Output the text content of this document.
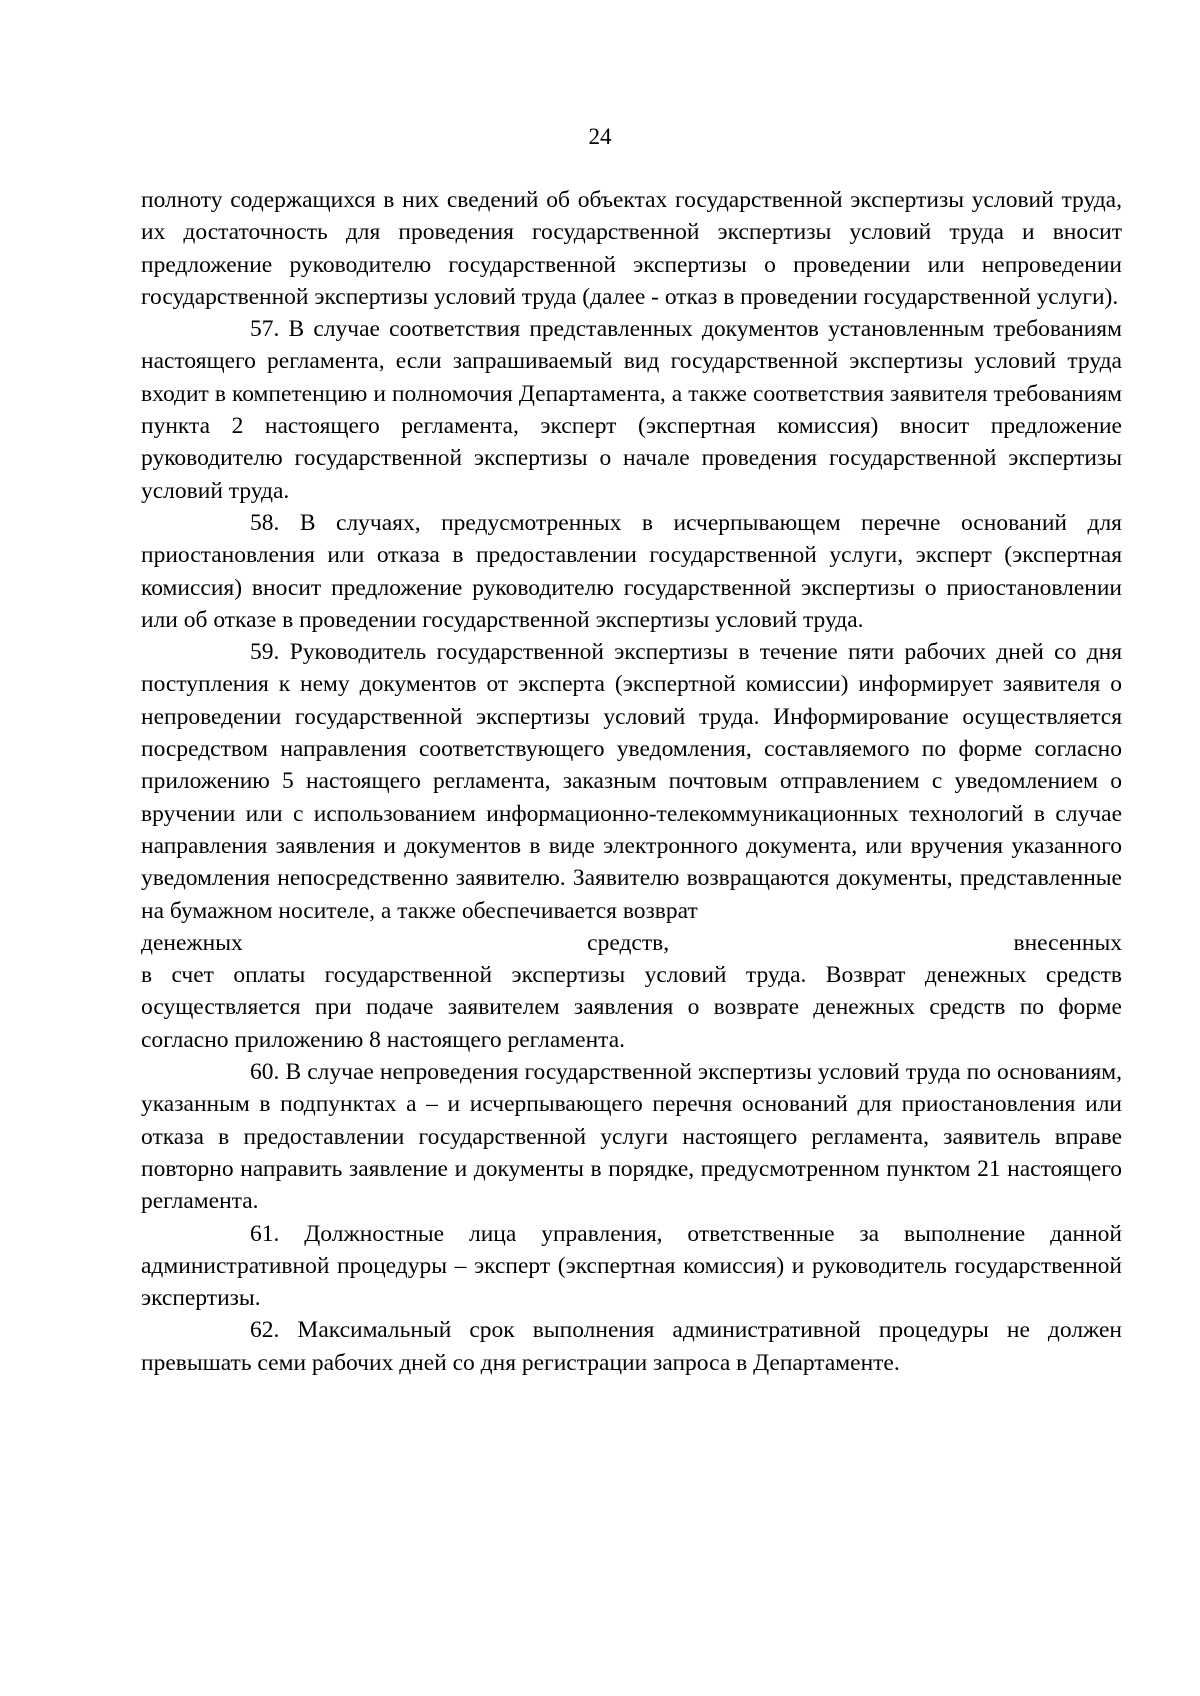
24

полноту содержащихся в них сведений об объектах государственной экспертизы условий труда, их достаточность для проведения государственной экспертизы условий труда и вносит предложение руководителю государственной экспертизы о проведении или непроведении государственной экспертизы условий труда (далее - отказ в проведении государственной услуги).

57. В случае соответствия представленных документов установленным требованиям настоящего регламента, если запрашиваемый вид государственной экспертизы условий труда входит в компетенцию и полномочия Департамента, а также соответствия заявителя требованиям пункта 2 настоящего регламента, эксперт (экспертная комиссия) вносит предложение руководителю государственной экспертизы о начале проведения государственной экспертизы условий труда.

58. В случаях, предусмотренных в исчерпывающем перечне оснований для приостановления или отказа в предоставлении государственной услуги, эксперт (экспертная комиссия) вносит предложение руководителю государственной экспертизы о приостановлении или об отказе в проведении государственной экспертизы условий труда.

59. Руководитель государственной экспертизы в течение пяти рабочих дней со дня поступления к нему документов от эксперта (экспертной комиссии) информирует заявителя о непроведении государственной экспертизы условий труда. Информирование осуществляется посредством направления соответствующего уведомления, составляемого по форме согласно приложению 5 настоящего регламента, заказным почтовым отправлением с уведомлением о вручении или с использованием информационно-телекоммуникационных технологий в случае направления заявления и документов в виде электронного документа, или вручения указанного уведомления непосредственно заявителю. Заявителю возвращаются документы, представленные на бумажном носителе, а также обеспечивается возврат

денежных	средств,	внесенных

в счет оплаты государственной экспертизы условий труда. Возврат денежных средств осуществляется при подаче заявителем заявления о возврате денежных средств по форме согласно приложению 8 настоящего регламента.

60. В случае непроведения государственной экспертизы условий труда по основаниям, указанным в подпунктах а – и исчерпывающего перечня оснований для приостановления или отказа в предоставлении государственной услуги настоящего регламента, заявитель вправе повторно направить заявление и документы в порядке, предусмотренном пунктом 21 настоящего регламента.

61. Должностные лица управления, ответственные за выполнение данной административной процедуры – эксперт (экспертная комиссия) и руководитель государственной экспертизы.

62. Максимальный срок выполнения административной процедуры не должен превышать семи рабочих дней со дня регистрации запроса в Департаменте.
